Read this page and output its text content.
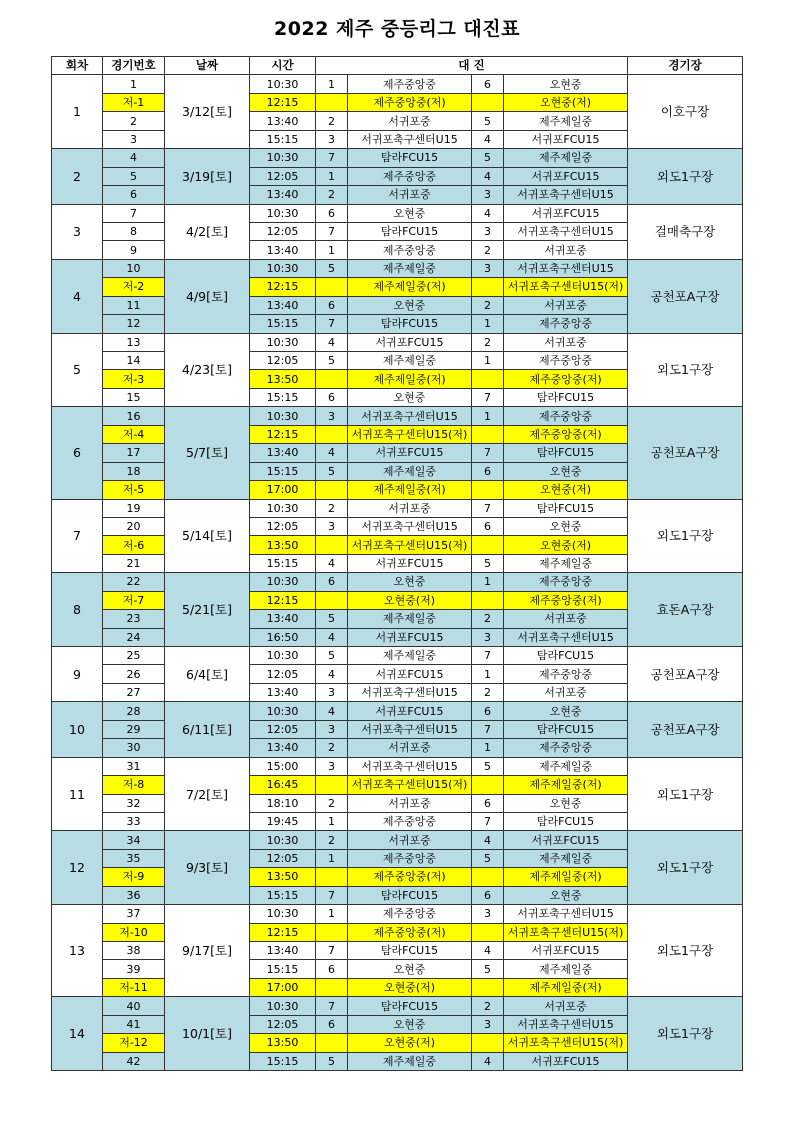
2022 제주 중등리그 대진표
회차	경기번호	날짜	시간	대 진				경기장
1	1	3/12[토]	10:30	1	제주중앙중	6	오현중	이호구장
	저-1		12:15		제주중앙중(저)		오현중(저)	
	2		13:40	2	서귀포중	5	제주제일중	
	3		15:15	3	서귀포축구센터U15	4	서귀포FCU15	
2	4	3/19[토]	10:30	7	탐라FCU15	5	제주제일중	외도1구장
	5		12:05	1	제주중앙중	4	서귀포FCU15	
	6		13:40	2	서귀포중	3	서귀포축구센터U15	
3	7	4/2[토]	10:30	6	오현중	4	서귀포FCU15	걸매축구장
	8		12:05	7	탐라FCU15	3	서귀포축구센터U15	
	9		13:40	1	제주중앙중	2	서귀포중	
4	10	4/9[토]	10:30	5	제주제일중	3	서귀포축구센터U15	공천포A구장
	저-2		12:15		제주제일중(저)		서귀포축구센터U15(저)	
	11		13:40	6	오현중	2	서귀포중	
	12		15:15	7	탐라FCU15	1	제주중앙중	
5	13	4/23[토]	10:30	4	서귀포FCU15	2	서귀포중	외도1구장
	14		12:05	5	제주제일중	1	제주중앙중	
	저-3		13:50		제주제일중(저)		제주중앙중(저)	
	15		15:15	6	오현중	7	탐라FCU15	
6	16	5/7[토]	10:30	3	서귀포축구센터U15	1	제주중앙중	공천포A구장
	저-4		12:15		서귀포축구센터U15(저)		제주중앙중(저)	
	17		13:40	4	서귀포FCU15	7	탐라FCU15	
	18		15:15	5	제주제일중	6	오현중	
	저-5		17:00		제주제일중(저)		오현중(저)	
7	19	5/14[토]	10:30	2	서귀포중	7	탐라FCU15	외도1구장
	20		12:05	3	서귀포축구센터U15	6	오현중	
	저-6		13:50		서귀포축구센터U15(저)		오현중(저)	
	21		15:15	4	서귀포FCU15	5	제주제일중	
8	22	5/21[토]	10:30	6	오현중	1	제주중앙중	효돈A구장
	저-7		12:15		오현중(저)		제주중앙중(저)	
	23		13:40	5	제주제일중	2	서귀포중	
	24		16:50	4	서귀포FCU15	3	서귀포축구센터U15	
9	25	6/4[토]	10:30	5	제주제일중	7	탐라FCU15	공천포A구장
	26		12:05	4	서귀포FCU15	1	제주중앙중	
	27		13:40	3	서귀포축구센터U15	2	서귀포중	
10	28	6/11[토]	10:30	4	서귀포FCU15	6	오현중	공천포A구장
	29		12:05	3	서귀포축구센터U15	7	탐라FCU15	
	30		13:40	2	서귀포중	1	제주중앙중	
11	31	7/2[토]	15:00	3	서귀포축구센터U15	5	제주제일중	외도1구장
	저-8		16:45		서귀포축구센터U15(저)		제주제일중(저)	
	32		18:10	2	서귀포중	6	오현중	
	33		19:45	1	제주중앙중	7	탐라FCU15	
12	34	9/3[토]	10:30	2	서귀포중	4	서귀포FCU15	외도1구장
	35		12:05	1	제주중앙중	5	제주제일중	
	저-9		13:50		제주중앙중(저)		제주제일중(저)	
	36		15:15	7	탐라FCU15	6	오현중	
13	37	9/17[토]	10:30	1	제주중앙중	3	서귀포축구센터U15	외도1구장
	저-10		12:15		제주중앙중(저)		서귀포축구센터U15(저)	
	38		13:40	7	탐라FCU15	4	서귀포FCU15	
	39		15:15	6	오현중	5	제주제일중	
	저-11		17:00		오현중(저)		제주제일중(저)	
14	40	10/1[토]	10:30	7	탐라FCU15	2	서귀포중	외도1구장
	41		12:05	6	오현중	3	서귀포축구센터U15	
	저-12		13:50		오현중(저)		서귀포축구센터U15(저)	
	42		15:15	5	제주제일중	4	서귀포FCU15	
